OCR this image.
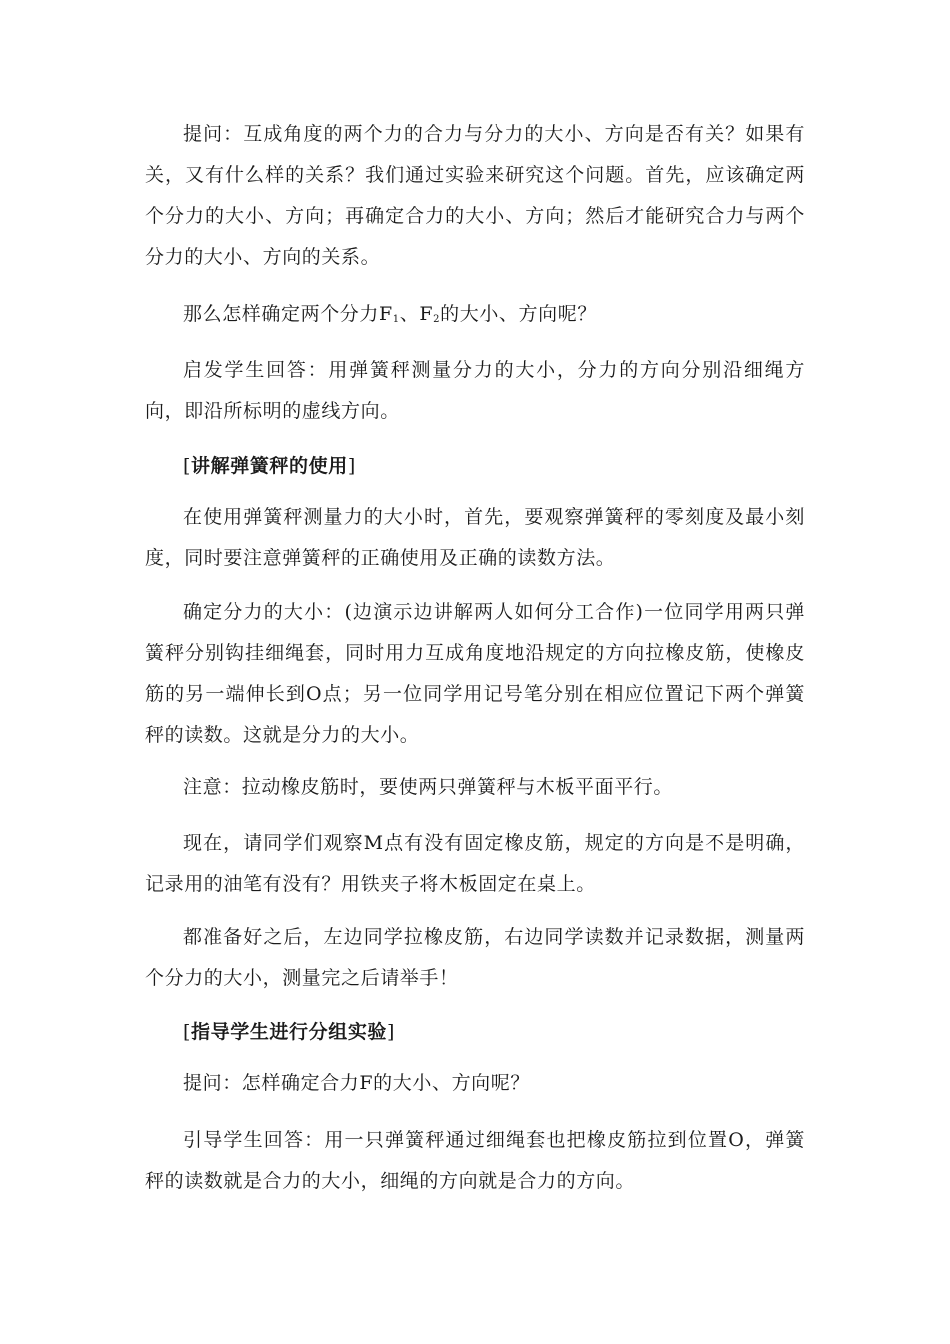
提问：互成角度的两个力的合力与分力的大小、方向是否有关？如果有关，又有什么样的关系？我们通过实验来研究这个问题。首先，应该确定两个分力的大小、方向；再确定合力的大小、方向；然后才能研究合力与两个分力的大小、方向的关系。

那么怎样确定两个分力$F_1$、$F_2$的大小、方向呢？

启发学生回答：用弹簧秤测量分力的大小，分力的方向分别沿细绳方向，即沿所标明的虚线方向。

[讲解弹簧秤的使用]

在使用弹簧秤测量力的大小时，首先，要观察弹簧秤的零刻度及最小刻度，同时要注意弹簧秤的正确使用及正确的读数方法。

确定分力的大小：(边演示边讲解两人如何分工合作)一位同学用两只弹簧秤分别钩挂细绳套，同时用力互成角度地沿规定的方向拉橡皮筋，使橡皮筋的另一端伸长到O点；另一位同学用记号笔分别在相应位置记下两个弹簧秤的读数。这就是分力的大小。

注意：拉动橡皮筋时，要使两只弹簧秤与木板平面平行。

现在，请同学们观察M点有没有固定橡皮筋，规定的方向是不是明确，记录用的油笔有没有？用铁夹子将木板固定在桌上。

都准备好之后，左边同学拉橡皮筋，右边同学读数并记录数据，测量两个分力的大小，测量完之后请举手！

[指导学生进行分组实验]

提问：怎样确定合力F的大小、方向呢？

引导学生回答：用一只弹簧秤通过细绳套也把橡皮筋拉到位置O，弹簧秤的读数就是合力的大小，细绳的方向就是合力的方向。
